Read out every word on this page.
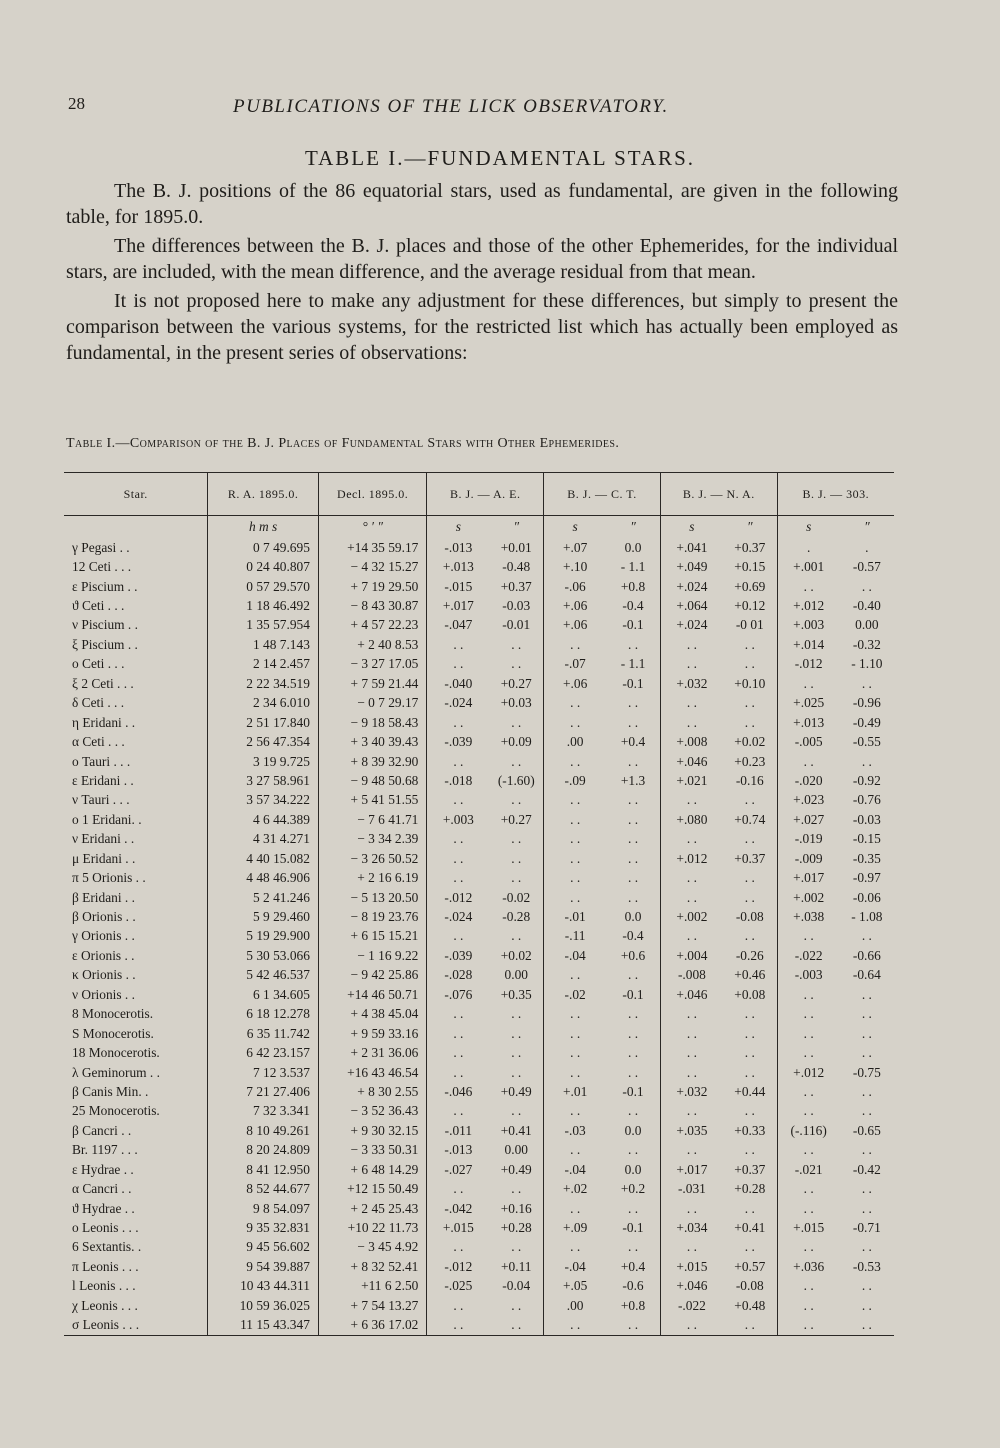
28	PUBLICATIONS OF THE LICK OBSERVATORY.
TABLE I.—FUNDAMENTAL STARS.

The B. J. positions of the 86 equatorial stars, used as fundamental, are given in the following table, for 1895.0.

The differences between the B. J. places and those of the other Ephemerides, for the individual stars, are included, with the mean difference, and the average residual from that mean.

It is not proposed here to make any adjustment for these differences, but simply to present the comparison between the various systems, for the restricted list which has actually been employed as fundamental, in the present series of observations:

Table I.—Comparison of the B. J. Places of Fundamental Stars with Other Ephemerides.
Star.	R. A. 1895.0.	Decl. 1895.0.	B. J. — A. E.		B. J. — C. T.		B. J. — N. A.		B. J. — 303.	
	h m s	° ′ ″	s	″	s	″	s	″	s	″
γ Pegasi . .	0 7 49.695	+14 35 59.17	-.013	+0.01	+.07	0.0	+.041	+0.37	.	.
12 Ceti . . .	0 24 40.807	− 4 32 15.27	+.013	-0.48	+.10	- 1.1	+.049	+0.15	+.001	-0.57
ε Piscium . .	0 57 29.570	+ 7 19 29.50	-.015	+0.37	-.06	+0.8	+.024	+0.69	. .	. .
ϑ Ceti . . .	1 18 46.492	− 8 43 30.87	+.017	-0.03	+.06	-0.4	+.064	+0.12	+.012	-0.40
ν Piscium . .	1 35 57.954	+ 4 57 22.23	-.047	-0.01	+.06	-0.1	+.024	-0 01	+.003	0.00
ξ Piscium . .	1 48 7.143	+ 2 40 8.53	. .	. .	. .	. .	. .	. .	+.014	-0.32
ο Ceti . . .	2 14 2.457	− 3 27 17.05	. .	. .	-.07	- 1.1	. .	. .	-.012	- 1.10
ξ 2 Ceti . . .	2 22 34.519	+ 7 59 21.44	-.040	+0.27	+.06	-0.1	+.032	+0.10	. .	. .
δ Ceti . . .	2 34 6.010	− 0 7 29.17	-.024	+0.03	. .	. .	. .	. .	+.025	-0.96
η Eridani . .	2 51 17.840	− 9 18 58.43	. .	. .	. .	. .	. .	. .	+.013	-0.49
α Ceti . . .	2 56 47.354	+ 3 40 39.43	-.039	+0.09	.00	+0.4	+.008	+0.02	-.005	-0.55
ο Tauri . . .	3 19 9.725	+ 8 39 32.90	. .	. .	. .	. .	+.046	+0.23	. .	. .
ε Eridani . .	3 27 58.961	− 9 48 50.68	-.018	(-1.60)	-.09	+1.3	+.021	-0.16	-.020	-0.92
ν Tauri . . .	3 57 34.222	+ 5 41 51.55	. .	. .	. .	. .	. .	. .	+.023	-0.76
ο 1 Eridani. .	4 6 44.389	− 7 6 41.71	+.003	+0.27	. .	. .	+.080	+0.74	+.027	-0.03
ν Eridani . .	4 31 4.271	− 3 34 2.39	. .	. .	. .	. .	. .	. .	-.019	-0.15
μ Eridani . .	4 40 15.082	− 3 26 50.52	. .	. .	. .	. .	+.012	+0.37	-.009	-0.35
π 5 Orionis . .	4 48 46.906	+ 2 16 6.19	. .	. .	. .	. .	. .	. .	+.017	-0.97
β Eridani . .	5 2 41.246	− 5 13 20.50	-.012	-0.02	. .	. .	. .	. .	+.002	-0.06
β Orionis . .	5 9 29.460	− 8 19 23.76	-.024	-0.28	-.01	0.0	+.002	-0.08	+.038	- 1.08
γ Orionis . .	5 19 29.900	+ 6 15 15.21	. .	. .	-.11	-0.4	. .	. .	. .	. .
ε Orionis . .	5 30 53.066	− 1 16 9.22	-.039	+0.02	-.04	+0.6	+.004	-0.26	-.022	-0.66
κ Orionis . .	5 42 46.537	− 9 42 25.86	-.028	0.00	. .	. .	-.008	+0.46	-.003	-0.64
ν Orionis . .	6 1 34.605	+14 46 50.71	-.076	+0.35	-.02	-0.1	+.046	+0.08	. .	. .
8 Monocerotis.	6 18 12.278	+ 4 38 45.04	. .	. .	. .	. .	. .	. .	. .	. .
S Monocerotis.	6 35 11.742	+ 9 59 33.16	. .	. .	. .	. .	. .	. .	. .	. .
18 Monocerotis.	6 42 23.157	+ 2 31 36.06	. .	. .	. .	. .	. .	. .	. .	. .
λ Geminorum . .	7 12 3.537	+16 43 46.54	. .	. .	. .	. .	. .	. .	+.012	-0.75
β Canis Min. .	7 21 27.406	+ 8 30 2.55	-.046	+0.49	+.01	-0.1	+.032	+0.44	. .	. .
25 Monocerotis.	7 32 3.341	− 3 52 36.43	. .	. .	. .	. .	. .	. .	. .	. .
β Cancri . .	8 10 49.261	+ 9 30 32.15	-.011	+0.41	-.03	0.0	+.035	+0.33	(-.116)	-0.65
Br. 1197 . . .	8 20 24.809	− 3 33 50.31	-.013	0.00	. .	. .	. .	. .	. .	. .
ε Hydrae . .	8 41 12.950	+ 6 48 14.29	-.027	+0.49	-.04	0.0	+.017	+0.37	-.021	-0.42
α Cancri . .	8 52 44.677	+12 15 50.49	. .	. .	+.02	+0.2	-.031	+0.28	. .	. .
ϑ Hydrae . .	9 8 54.097	+ 2 45 25.43	-.042	+0.16	. .	. .	. .	. .	. .	. .
ο Leonis . . .	9 35 32.831	+10 22 11.73	+.015	+0.28	+.09	-0.1	+.034	+0.41	+.015	-0.71
6 Sextantis. .	9 45 56.602	− 3 45 4.92	. .	. .	. .	. .	. .	. .	. .	. .
π Leonis . . .	9 54 39.887	+ 8 32 52.41	-.012	+0.11	-.04	+0.4	+.015	+0.57	+.036	-0.53
l Leonis . . .	10 43 44.311	+11 6 2.50	-.025	-0.04	+.05	-0.6	+.046	-0.08	. .	. .
χ Leonis . . .	10 59 36.025	+ 7 54 13.27	. .	. .	.00	+0.8	-.022	+0.48	. .	. .
σ Leonis . . .	11 15 43.347	+ 6 36 17.02	. .	. .	. .	. .	. .	. .	. .	. .
